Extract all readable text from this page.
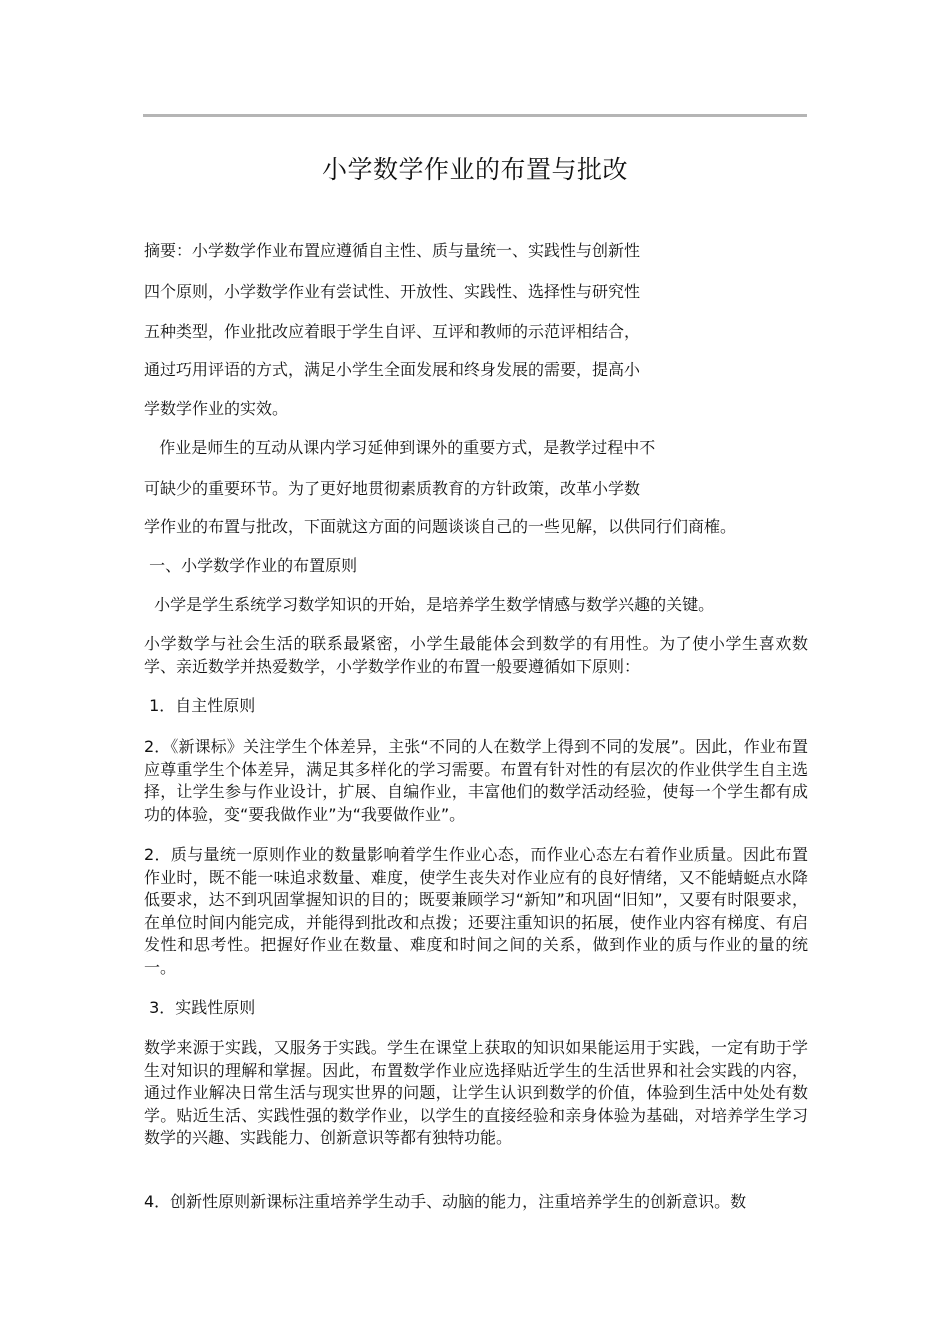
小学数学作业的布置与批改
摘要：小学数学作业布置应遵循自主性、质与量统一、实践性与创新性
四个原则，小学数学作业有尝试性、开放性、实践性、选择性与研究性
五种类型，作业批改应着眼于学生自评、互评和教师的示范评相结合，
通过巧用评语的方式，满足小学生全面发展和终身发展的需要，提高小
学数学作业的实效。
作业是师生的互动从课内学习延伸到课外的重要方式，是教学过程中不
可缺少的重要环节。为了更好地贯彻素质教育的方针政策，改革小学数
学作业的布置与批改，下面就这方面的问题谈谈自己的一些见解，以供同行们商榷。
一、小学数学作业的布置原则
小学是学生系统学习数学知识的开始，是培养学生数学情感与数学兴趣的关键。
小学数学与社会生活的联系最紧密，小学生最能体会到数学的有用性。为了使小学生喜欢数学、亲近数学并热爱数学，小学数学作业的布置一般要遵循如下原则：
1．自主性原则
2．《新课标》关注学生个体差异，主张“不同的人在数学上得到不同的发展”。因此，作业布置应尊重学生个体差异，满足其多样化的学习需要。布置有针对性的有层次的作业供学生自主选择，让学生参与作业设计，扩展、自编作业，丰富他们的数学活动经验，使每一个学生都有成功的体验，变“要我做作业”为“我要做作业”。
2．质与量统一原则作业的数量影响着学生作业心态，而作业心态左右着作业质量。因此布置作业时，既不能一味追求数量、难度，使学生丧失对作业应有的良好情绪，又不能蜻蜓点水降低要求，达不到巩固掌握知识的目的；既要兼顾学习“新知”和巩固“旧知”，又要有时限要求，在单位时间内能完成，并能得到批改和点拨；还要注重知识的拓展，使作业内容有梯度、有启发性和思考性。把握好作业在数量、难度和时间之间的关系，做到作业的质与作业的量的统一。
3．实践性原则
数学来源于实践，又服务于实践。学生在课堂上获取的知识如果能运用于实践，一定有助于学生对知识的理解和掌握。因此，布置数学作业应选择贴近学生的生活世界和社会实践的内容，通过作业解决日常生活与现实世界的问题，让学生认识到数学的价值，体验到生活中处处有数学。贴近生活、实践性强的数学作业，以学生的直接经验和亲身体验为基础，对培养学生学习数学的兴趣、实践能力、创新意识等都有独特功能。
4．创新性原则新课标注重培养学生动手、动脑的能力，注重培养学生的创新意识。数
